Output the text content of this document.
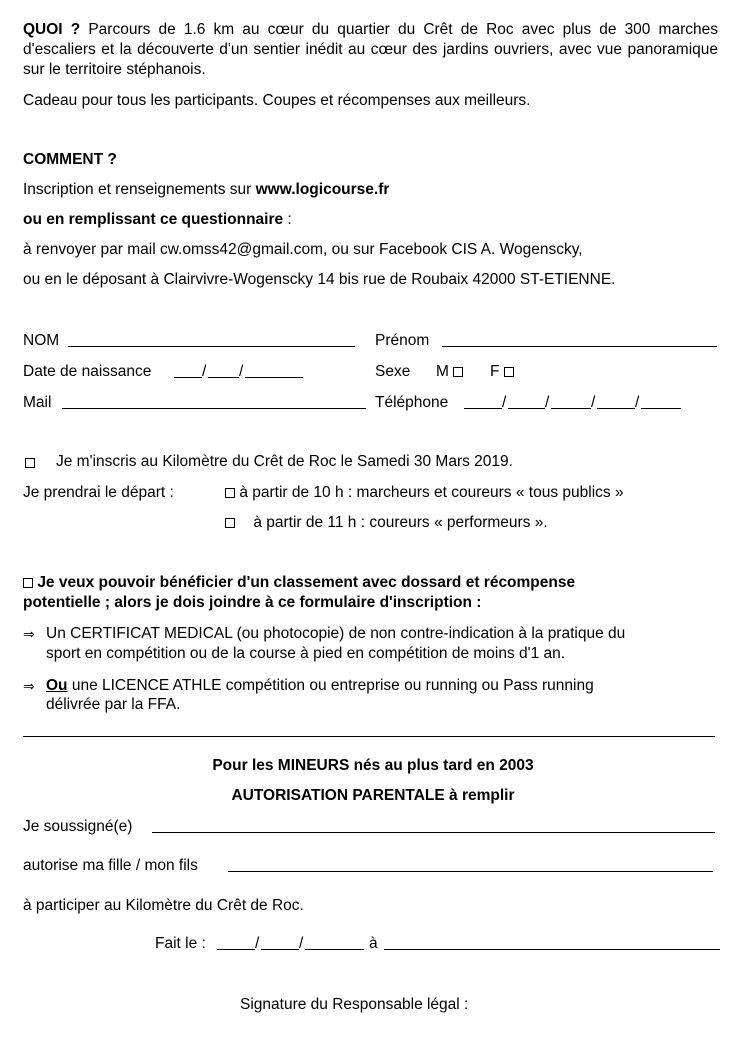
QUOI ? Parcours de 1.6 km au cœur du quartier du Crêt de Roc avec plus de 300 marches d'escaliers et la découverte d'un sentier inédit au cœur des jardins ouvriers, avec vue panoramique sur le territoire stéphanois.
Cadeau pour tous les participants. Coupes et récompenses aux meilleurs.
COMMENT ?
Inscription et renseignements sur www.logicourse.fr
ou en remplissant ce questionnaire :
à renvoyer par mail cw.omss42@gmail.com, ou sur Facebook CIS A. Wogenscky,
ou en le déposant à Clairvivre-Wogenscky 14 bis rue de Roubaix 42000 ST-ETIENNE.
NOM	Prénom
Date de naissance	/ /	Sexe M	F
Mail	Téléphone	/ /	/	/
Je m'inscris au Kilomètre du Crêt de Roc le Samedi 30 Mars 2019.
Je prendrai le départ :	à partir de 10 h : marcheurs et coureurs « tous publics »
à partir de 11 h : coureurs « performeurs ».
Je veux pouvoir bénéficier d'un classement avec dossard et récompense
potentielle ; alors je dois joindre à ce formulaire d'inscription :
⇒ Un CERTIFICAT MEDICAL (ou photocopie) de non contre-indication à la pratique du
sport en compétition ou de la course à pied en compétition de moins d'1 an.
⇒ Ou une LICENCE ATHLE compétition ou entreprise ou running ou Pass running
délivrée par la FFA.
Pour les MINEURS nés au plus tard en 2003
AUTORISATION PARENTALE à remplir
Je soussigné(e)
autorise ma fille / mon fils
à participer au Kilomètre du Crêt de Roc.
Fait le :	/	/	à
Signature du Responsable légal :
